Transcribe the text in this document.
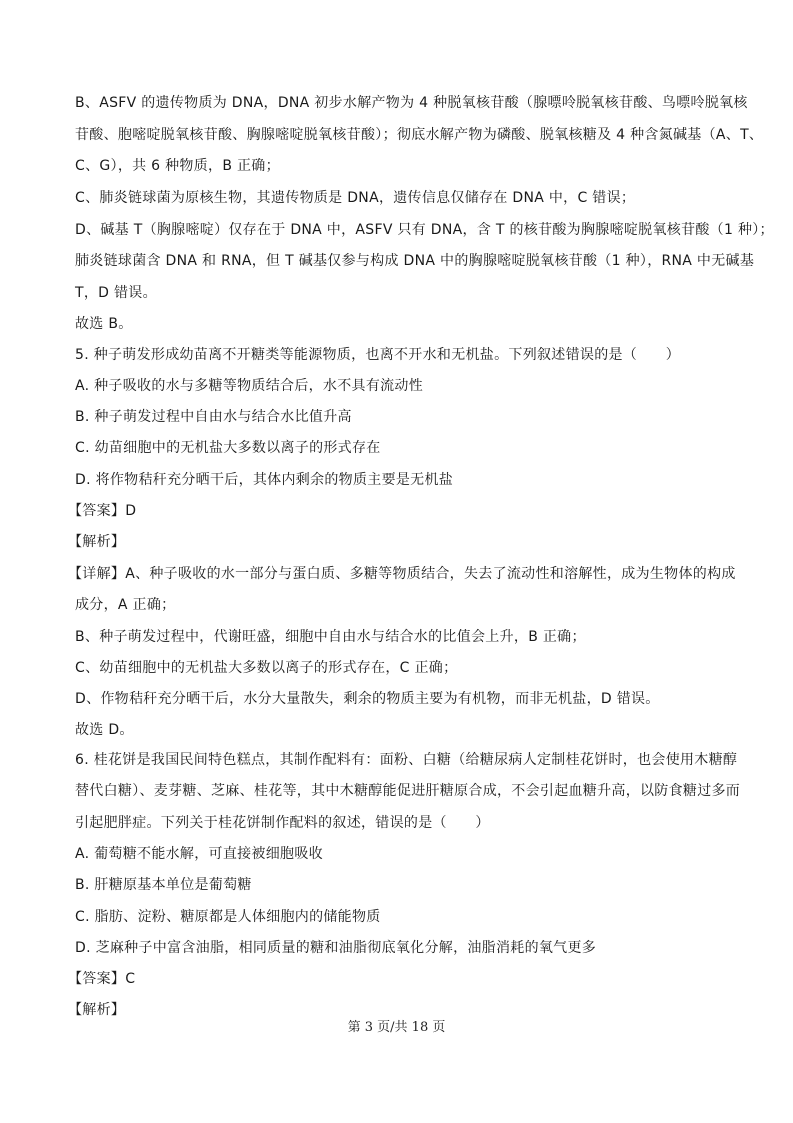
B、ASFV 的遗传物质为 DNA，DNA 初步水解产物为 4 种脱氧核苷酸（腺嘌呤脱氧核苷酸、鸟嘌呤脱氧核
苷酸、胞嘧啶脱氧核苷酸、胸腺嘧啶脱氧核苷酸）；彻底水解产物为磷酸、脱氧核糖及 4 种含氮碱基（A、T、
C、G），共 6 种物质，B 正确；
C、肺炎链球菌为原核生物，其遗传物质是 DNA，遗传信息仅储存在 DNA 中，C 错误；
D、碱基 T（胸腺嘧啶）仅存在于 DNA 中，ASFV 只有 DNA，含 T 的核苷酸为胸腺嘧啶脱氧核苷酸（1 种）；
肺炎链球菌含 DNA 和 RNA，但 T 碱基仅参与构成 DNA 中的胸腺嘧啶脱氧核苷酸（1 种），RNA 中无碱基
T，D 错误。
故选 B。
5. 种子萌发形成幼苗离不开糖类等能源物质，也离不开水和无机盐。下列叙述错误的是（　　）
A. 种子吸收的水与多糖等物质结合后，水不具有流动性
B. 种子萌发过程中自由水与结合水比值升高
C. 幼苗细胞中的无机盐大多数以离子的形式存在
D. 将作物秸秆充分晒干后，其体内剩余的物质主要是无机盐
【答案】D
【解析】
【详解】A、种子吸收的水一部分与蛋白质、多糖等物质结合，失去了流动性和溶解性，成为生物体的构成
成分，A 正确；
B、种子萌发过程中，代谢旺盛，细胞中自由水与结合水的比值会上升，B 正确；
C、幼苗细胞中的无机盐大多数以离子的形式存在，C 正确；
D、作物秸秆充分晒干后，水分大量散失，剩余的物质主要为有机物，而非无机盐，D 错误。
故选 D。
6. 桂花饼是我国民间特色糕点，其制作配料有：面粉、白糖（给糖尿病人定制桂花饼时，也会使用木糖醇
替代白糖）、麦芽糖、芝麻、桂花等，其中木糖醇能促进肝糖原合成，不会引起血糖升高，以防食糖过多而
引起肥胖症。下列关于桂花饼制作配料的叙述，错误的是（　　）
A. 葡萄糖不能水解，可直接被细胞吸收
B. 肝糖原基本单位是葡萄糖
C. 脂肪、淀粉、糖原都是人体细胞内的储能物质
D. 芝麻种子中富含油脂，相同质量的糖和油脂彻底氧化分解，油脂消耗的氧气更多
【答案】C
【解析】
第 3 页/共 18 页
